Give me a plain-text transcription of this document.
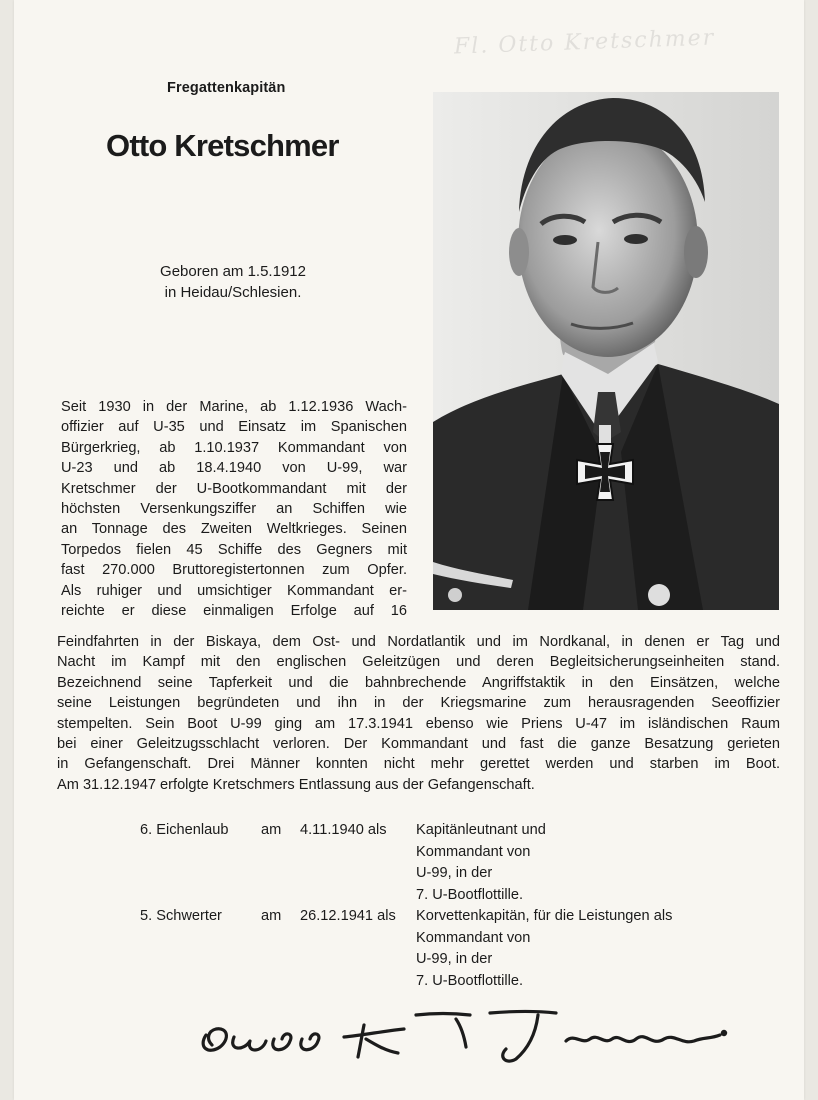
Fl. Otto Kretschmer
Fregattenkapitän
Otto Kretschmer
Geboren am 1.5.1912
in Heidau/Schlesien.
Seit 1930 in der Marine, ab 1.12.1936 Wach-
offizier auf U-35 und Einsatz im Spanischen
Bürgerkrieg, ab 1.10.1937 Kommandant von
U-23 und ab 18.4.1940 von U-99, war
Kretschmer der U-Bootkommandant mit der
höchsten Versenkungsziffer an Schiffen wie
an Tonnage des Zweiten Weltkrieges. Seinen
Torpedos fielen 45 Schiffe des Gegners mit
fast 270.000 Bruttoregistertonnen zum Opfer.
Als ruhiger und umsichtiger Kommandant er-
reichte er diese einmaligen Erfolge auf 16
Feindfahrten in der Biskaya, dem Ost- und Nordatlantik und im Nordkanal, in denen er Tag und
Nacht im Kampf mit den englischen Geleitzügen und deren Begleitsicherungseinheiten stand.
Bezeichnend seine Tapferkeit und die bahnbrechende Angriffstaktik in den Einsätzen, welche
seine Leistungen begründeten und ihn in der Kriegsmarine zum herausragenden Seeoffizier
stempelten. Sein Boot U-99 ging am 17.3.1941 ebenso wie Priens U-47 im isländischen Raum
bei einer Geleitzugsschlacht verloren. Der Kommandant und fast die ganze Besatzung gerieten
in Gefangenschaft. Drei Männer konnten nicht mehr gerettet werden und starben im Boot.
Am 31.12.1947 erfolgte Kretschmers Entlassung aus der Gefangenschaft.
6. Eichenlaub am 4.11.1940 als Kapitänleutnant und
Kommandant von
U-99, in der
7. U-Bootflottille.
5. Schwerter	am 26.12.1941 als Korvettenkapitän, für die Leistungen als
Kommandant von
U-99, in der
7. U-Bootflottille.
